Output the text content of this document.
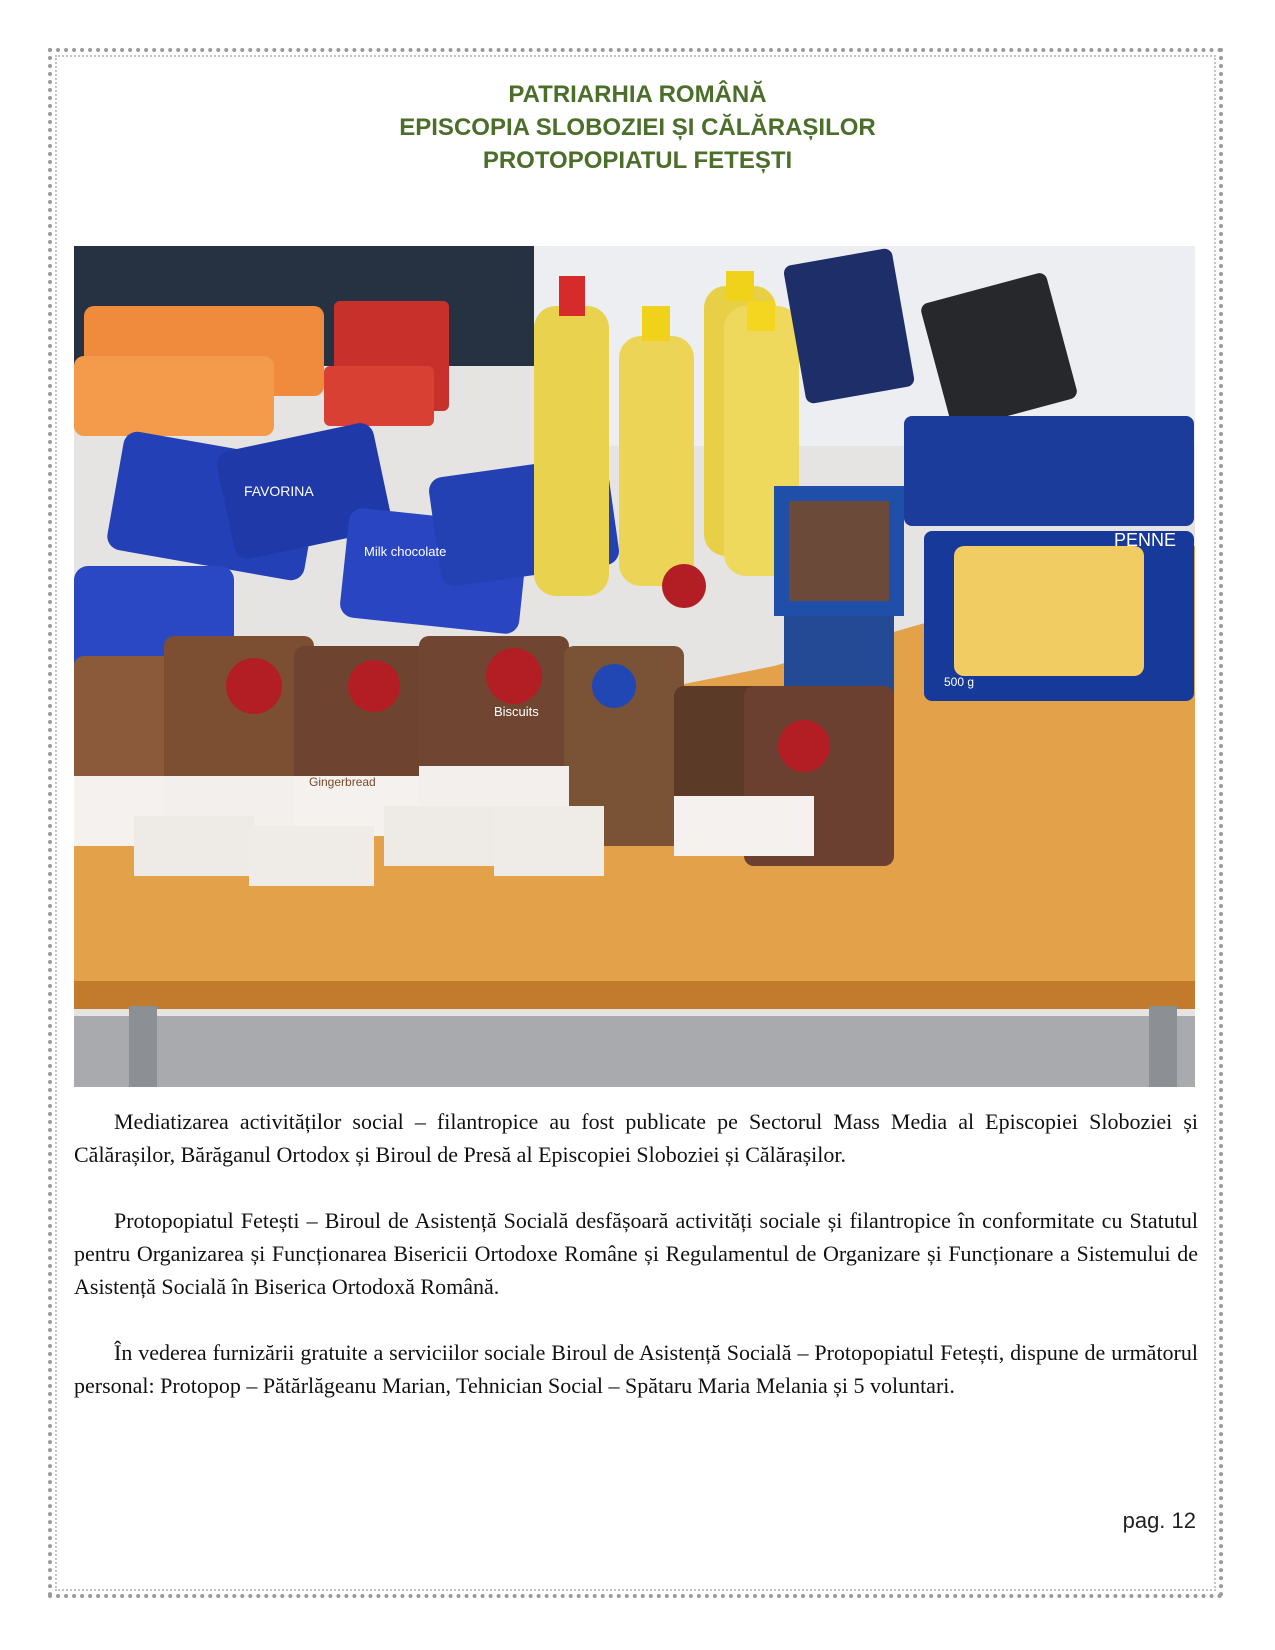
PATRIARHIA ROMÂNĂ
EPISCOPIA SLOBOZIEI ȘI CĂLĂRAȘILOR
PROTOPOPIATUL FETEȘTI
FAVORINA
Milk chocolate
PENNE
500 g
Biscuits
Gingerbread

Mediatizarea activităților social – filantropice au fost publicate pe Sectorul Mass Media al Episcopiei Sloboziei și Călărașilor, Bărăganul Ortodox și Biroul de Presă al Episcopiei Sloboziei și Călărașilor.

Protopopiatul Fetești – Biroul de Asistență Socială desfășoară activități sociale și filantropice în conformitate cu Statutul pentru Organizarea și Funcționarea Bisericii Ortodoxe Române și Regulamentul de Organizare și Funcționare a Sistemului de Asistență Socială în Biserica Ortodoxă Română.

În vederea furnizării gratuite a serviciilor sociale Biroul de Asistență Socială – Protopopiatul Fetești, dispune de următorul personal: Protopop – Pătărlăgeanu Marian, Tehnician Social – Spătaru Maria Melania și 5 voluntari.

pag. 12
